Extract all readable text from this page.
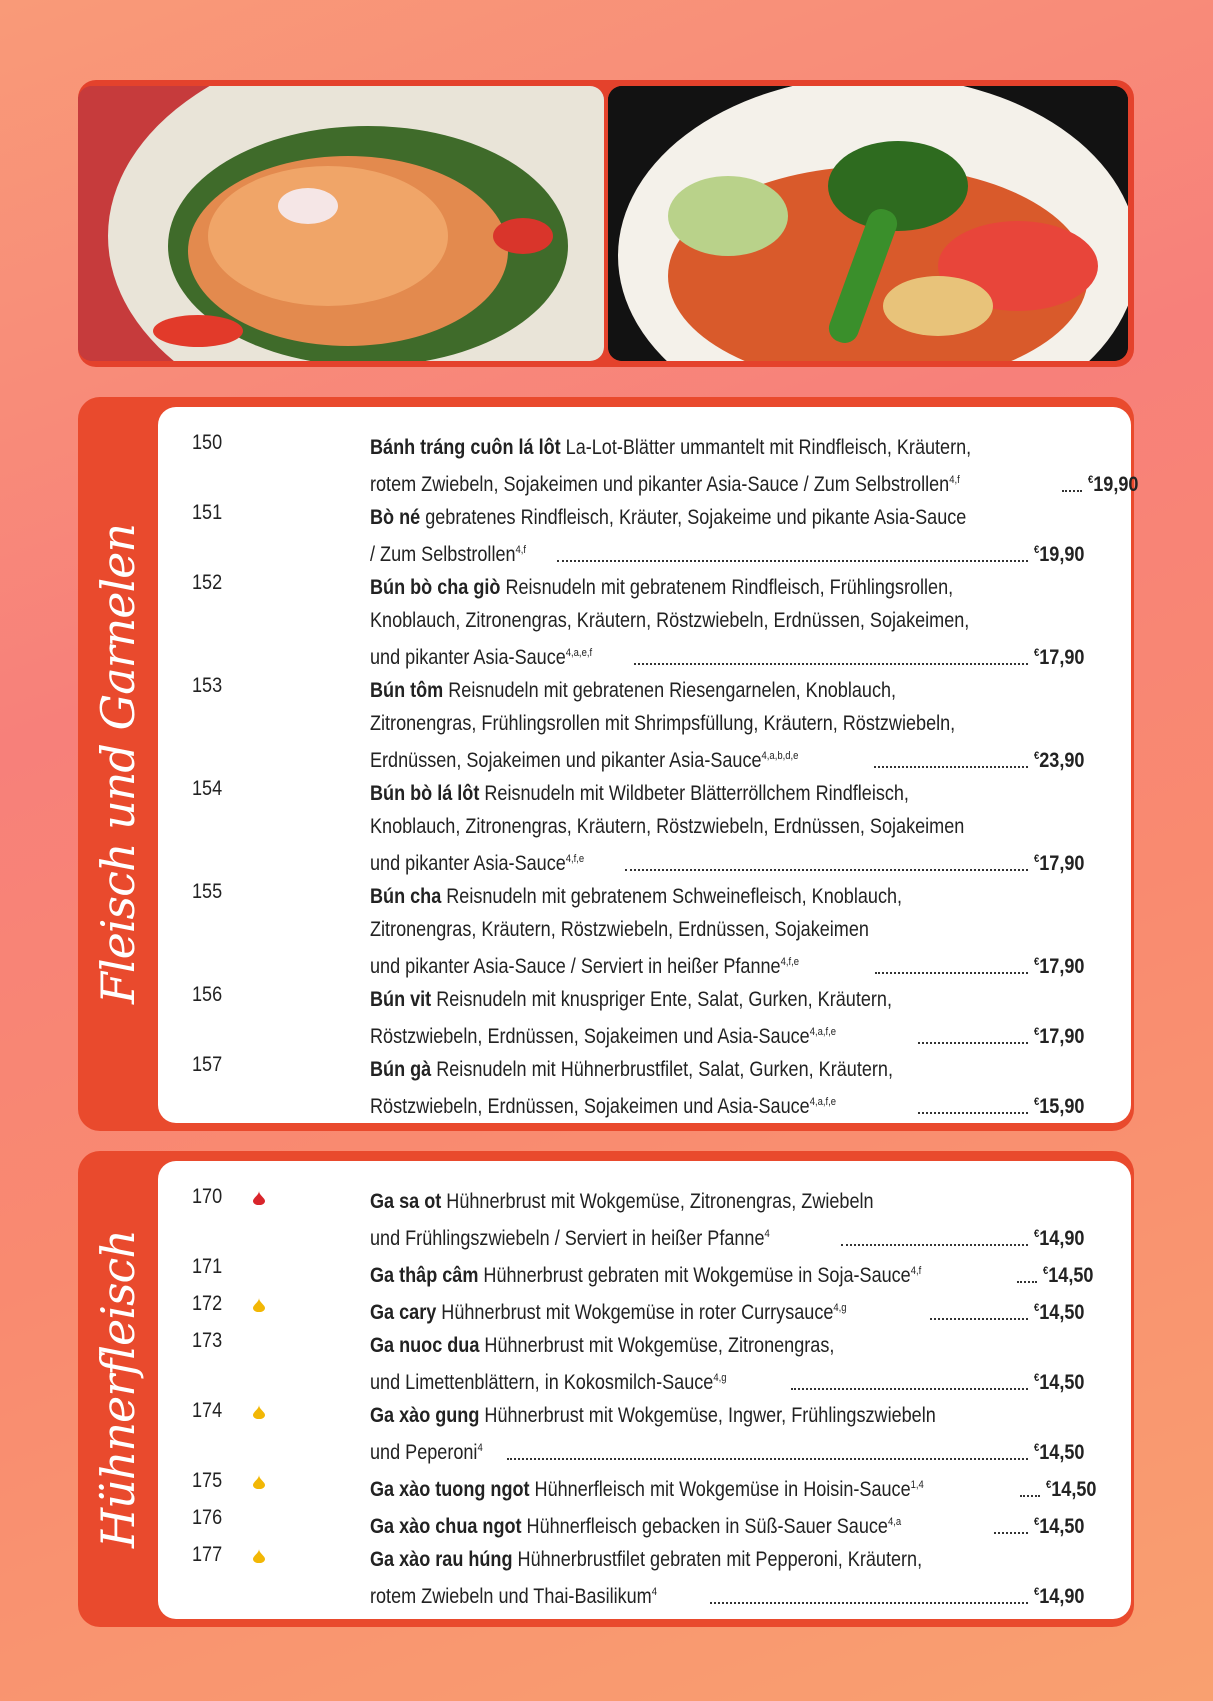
Fleisch und Garnelen
150	Bánh tráng cuôn lá lôt La-Lot-Blätter ummantelt mit Rindfleisch, Kräutern,
rotem Zwiebeln, Sojakeimen und pikanter Asia-Sauce / Zum Selbstrollen$^{4,f}$	€19,90
151	Bò né gebratenes Rindfleisch, Kräuter, Sojakeime und pikante Asia-Sauce
/ Zum Selbstrollen$^{4,f}$	€19,90
152	Bún bò cha giò Reisnudeln mit gebratenem Rindfleisch, Frühlingsrollen,
Knoblauch, Zitronengras, Kräutern, Röstzwiebeln, Erdnüssen, Sojakeimen,
und pikanter Asia-Sauce$^{4,a,e,f}$	€17,90
153	Bún tôm Reisnudeln mit gebratenen Riesengarnelen, Knoblauch,
Zitronengras, Frühlingsrollen mit Shrimpsfüllung, Kräutern, Röstzwiebeln,
Erdnüssen, Sojakeimen und pikanter Asia-Sauce$^{4,a,b,d,e}$	€23,90
154	Bún bò lá lôt Reisnudeln mit Wildbeter Blätterröllchem Rindfleisch,
Knoblauch, Zitronengras, Kräutern, Röstzwiebeln, Erdnüssen, Sojakeimen
und pikanter Asia-Sauce$^{4,f,e}$	€17,90
155	Bún cha Reisnudeln mit gebratenem Schweinefleisch, Knoblauch,
Zitronengras, Kräutern, Röstzwiebeln, Erdnüssen, Sojakeimen
und pikanter Asia-Sauce / Serviert in heißer Pfanne$^{4,f,e}$	€17,90
156	Bún vit Reisnudeln mit knuspriger Ente, Salat, Gurken, Kräutern,
Röstzwiebeln, Erdnüssen, Sojakeimen und Asia-Sauce$^{4,a,f,e}$	€17,90
157	Bún gà Reisnudeln mit Hühnerbrustfilet, Salat, Gurken, Kräutern,
Röstzwiebeln, Erdnüssen, Sojakeimen und Asia-Sauce$^{4,a,f,e}$	€15,90
Hühnerfleisch
170	Ga sa ot Hühnerbrust mit Wokgemüse, Zitronengras, Zwiebeln
und Frühlingszwiebeln / Serviert in heißer Pfanne$^4$	€14,90
171	Ga thâp câm Hühnerbrust gebraten mit Wokgemüse in Soja-Sauce$^{4,f}$	€14,50
172	Ga cary Hühnerbrust mit Wokgemüse in roter Currysauce$^{4,g}$	€14,50
173	Ga nuoc dua Hühnerbrust mit Wokgemüse, Zitronengras,
und Limettenblättern, in Kokosmilch-Sauce$^{4,g}$	€14,50
174	Ga xào gung Hühnerbrust mit Wokgemüse, Ingwer, Frühlingszwiebeln
und Peperoni$^4$	€14,50
175	Ga xào tuong ngot Hühnerfleisch mit Wokgemüse in Hoisin-Sauce$^{1,4}$	€14,50
176	Ga xào chua ngot Hühnerfleisch gebacken in Süß-Sauer Sauce$^{4,a}$	€14,50
177	Ga xào rau húng Hühnerbrustfilet gebraten mit Pepperoni, Kräutern,
rotem Zwiebeln und Thai-Basilikum$^4$	€14,90
